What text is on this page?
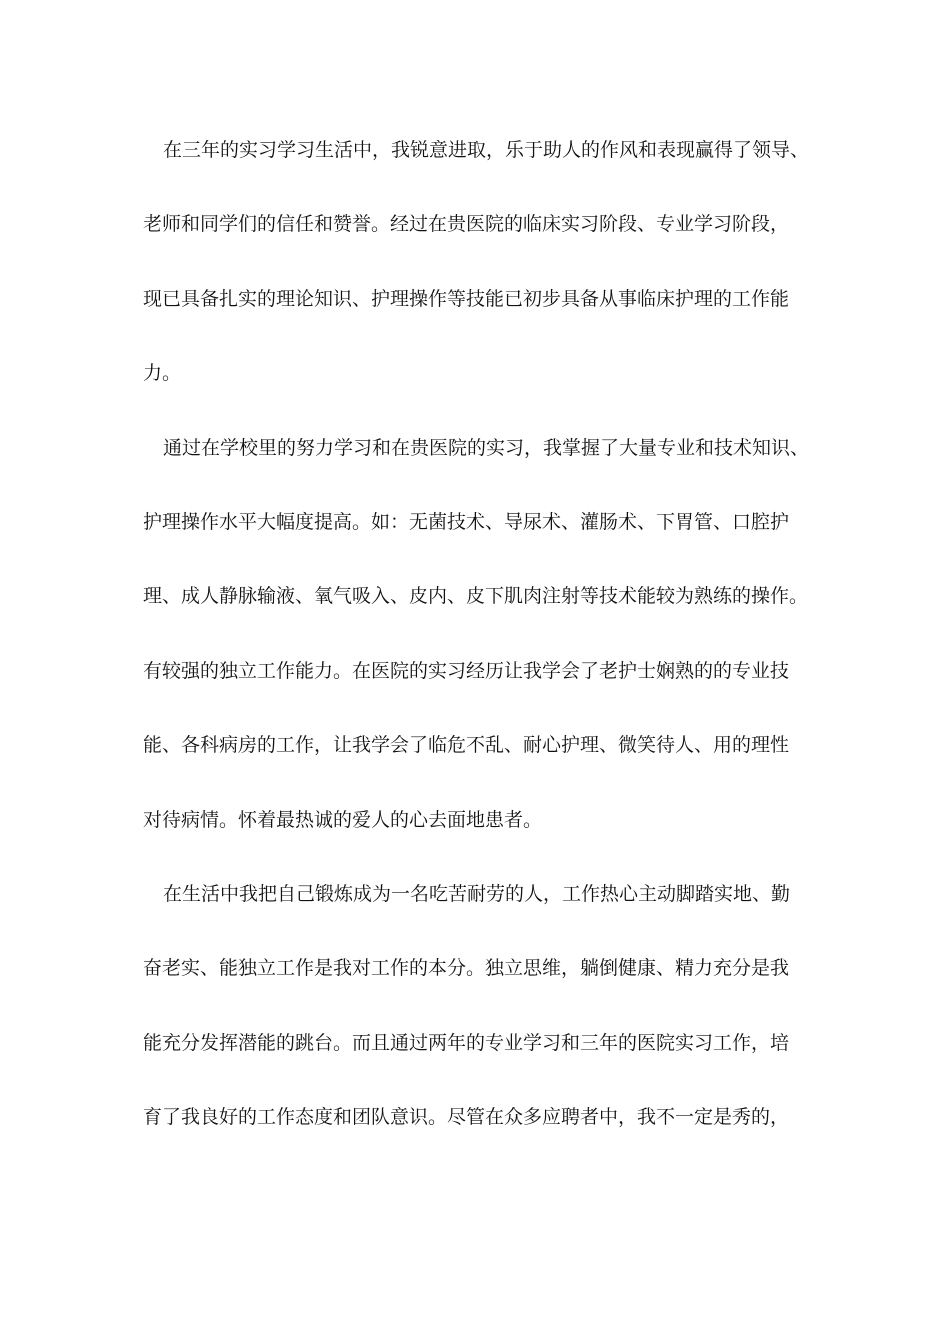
在三年的实习学习生活中，我锐意进取，乐于助人的作风和表现赢得了领导、
老师和同学们的信任和赞誉。经过在贵医院的临床实习阶段、专业学习阶段，
现已具备扎实的理论知识、护理操作等技能已初步具备从事临床护理的工作能
力。
通过在学校里的努力学习和在贵医院的实习，我掌握了大量专业和技术知识、
护理操作水平大幅度提高。如：无菌技术、导尿术、灌肠术、下胃管、口腔护
理、成人静脉输液、氧气吸入、皮内、皮下肌肉注射等技术能较为熟练的操作。
有较强的独立工作能力。在医院的实习经历让我学会了老护士娴熟的的专业技
能、各科病房的工作，让我学会了临危不乱、耐心护理、微笑待人、用的理性
对待病情。怀着最热诚的爱人的心去面地患者。
在生活中我把自己锻炼成为一名吃苦耐劳的人，工作热心主动脚踏实地、勤
奋老实、能独立工作是我对工作的本分。独立思维，躺倒健康、精力充分是我
能充分发挥潜能的跳台。而且通过两年的专业学习和三年的医院实习工作，培
育了我良好的工作态度和团队意识。尽管在众多应聘者中，我不一定是秀的，
